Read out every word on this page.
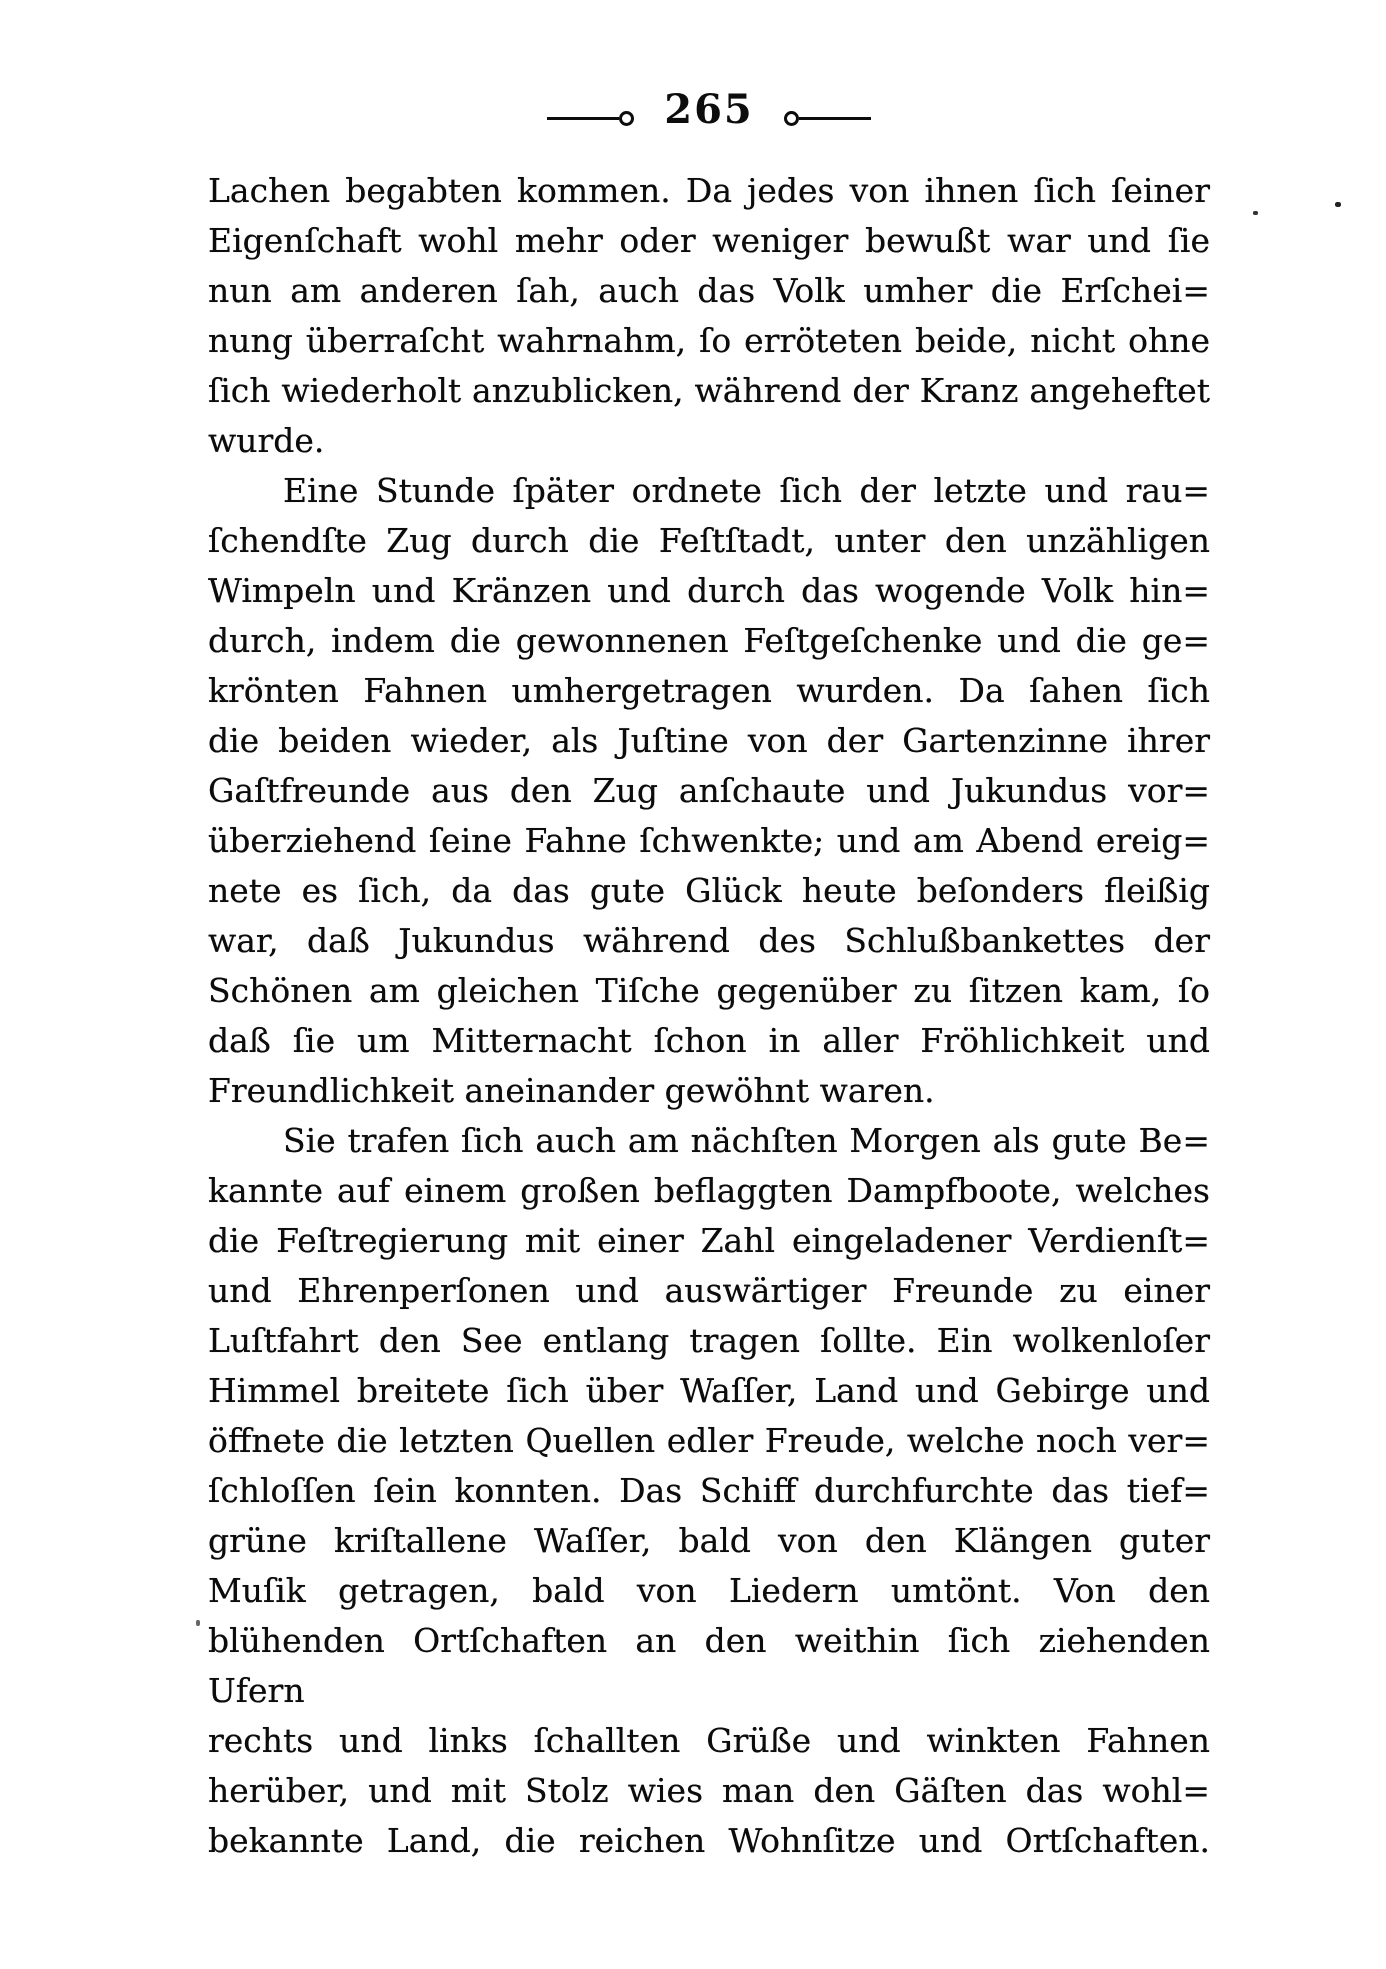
265
Lachen begabten kommen. Da jedes von ihnen ſich ſeiner
Eigenſchaft wohl mehr oder weniger bewußt war und ſie
nun am anderen ſah, auch das Volk umher die Erſchei=
nung überraſcht wahrnahm, ſo erröteten beide, nicht ohne
ſich wiederholt anzublicken, während der Kranz angeheftet
wurde.
Eine Stunde ſpäter ordnete ſich der letzte und rau=
ſchendſte Zug durch die Feſtſtadt, unter den unzähligen
Wimpeln und Kränzen und durch das wogende Volk hin=
durch, indem die gewonnenen Feſtgeſchenke und die ge=
krönten Fahnen umhergetragen wurden. Da ſahen ſich
die beiden wieder, als Juſtine von der Gartenzinne ihrer
Gaſtfreunde aus den Zug anſchaute und Jukundus vor=
überziehend ſeine Fahne ſchwenkte; und am Abend ereig=
nete es ſich, da das gute Glück heute beſonders fleißig
war, daß Jukundus während des Schlußbankettes der
Schönen am gleichen Tiſche gegenüber zu ſitzen kam, ſo
daß ſie um Mitternacht ſchon in aller Fröhlichkeit und
Freundlichkeit aneinander gewöhnt waren.
Sie trafen ſich auch am nächſten Morgen als gute Be=
kannte auf einem großen beflaggten Dampfboote, welches
die Feſtregierung mit einer Zahl eingeladener Verdienſt=
und Ehrenperſonen und auswärtiger Freunde zu einer
Luſtfahrt den See entlang tragen ſollte. Ein wolkenloſer
Himmel breitete ſich über Waſſer, Land und Gebirge und
öffnete die letzten Quellen edler Freude, welche noch ver=
ſchloſſen ſein konnten. Das Schiff durchfurchte das tief=
grüne kriſtallene Waſſer, bald von den Klängen guter
Muſik getragen, bald von Liedern umtönt. Von den
blühenden Ortſchaften an den weithin ſich ziehenden Ufern
rechts und links ſchallten Grüße und winkten Fahnen
herüber, und mit Stolz wies man den Gäſten das wohl=
bekannte Land, die reichen Wohnſitze und Ortſchaften.
